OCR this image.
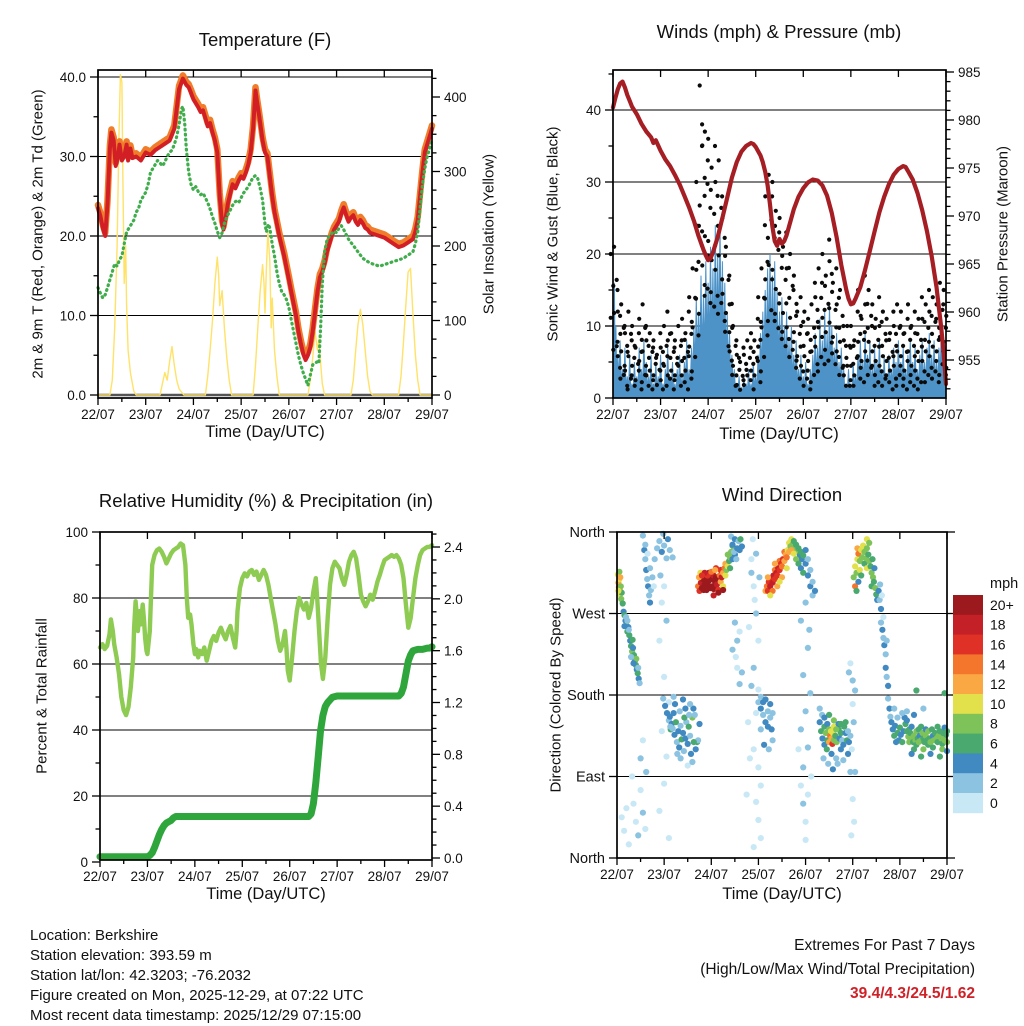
22/07 23/07 24/07 25/07 26/07 27/07 28/07 29/07
0.0
10.0
20.0
30.0
40.0
0
100
200
300
400
22/07 23/07 24/07 25/07 26/07 27/07 28/07 29/07
0
10
20
30
40
955
960
965
970
975
980
985
22/07 23/07 24/07 25/07 26/07 27/07 28/07 29/07
0
20
40
60
80
100
0.0
0.4
0.8
1.2
1.6
2.0
2.4
22/07 23/07 24/07 25/07 26/07 27/07 28/07 29/07
North
West
South
East
North
20+
18
16
14
12
10
8
6
4
2
0
mph
Temperature (F)	Winds (mph) & Pressure (mb)
Relative Humidity (%) & Precipitation (in)	Wind Direction
Time (Day/UTC)	Time (Day/UTC)
Time (Day/UTC)	Time (Day/UTC)
2m & 9m T (Red, Orange) & 2m Td (Green)	Solar Insolation (Yellow)	Sonic Wind & Gust (Blue, Black)	Station Pressure (Maroon)
Percent & Total Rainfall	Direction (Colored By Speed)
Location: Berkshire
Station elevation: 393.59 m
Station lat/lon: 42.3203; -76.2032
Figure created on Mon, 2025-12-29, at 07:22 UTC
Most recent data timestamp: 2025/12/29 07:15:00
Extremes For Past 7 Days
(High/Low/Max Wind/Total Precipitation)
39.4/4.3/24.5/1.62
